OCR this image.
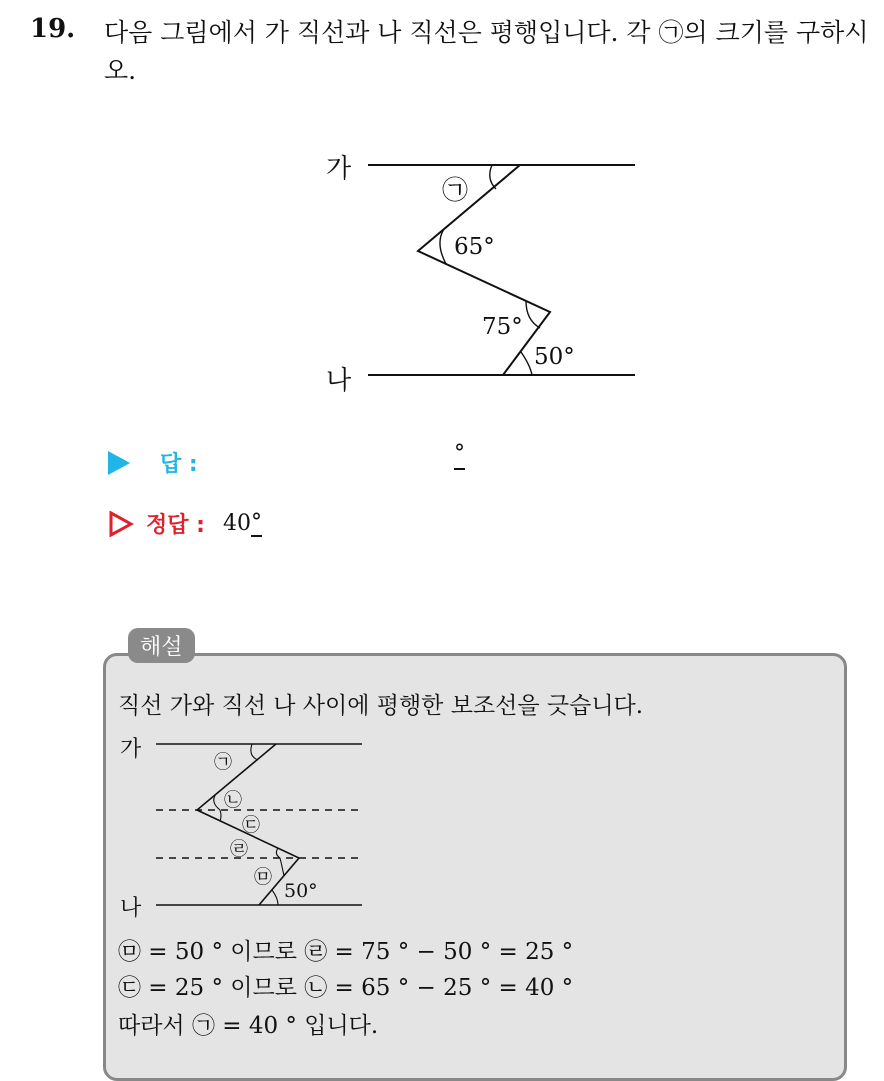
19. 다음 그림에서 가 직선과 나 직선은 평행입니다. 각 ㉠의 크기를 구하시오.
가
나
㉠
65°
75°
50°
답 :	°
정답 : 40 °
해설
직선 가와 직선 나 사이에 평행한 보조선을 긋습니다.
가
나
㉠
㉡
㉢
㉣
㉤
50°
㉤ = 50 ° 이므로 ㉣ = 75 ° − 50 ° = 25 °
㉢ = 25 ° 이므로 ㉡ = 65 ° − 25 ° = 40 °
따라서 ㉠ = 40 ° 입니다.
